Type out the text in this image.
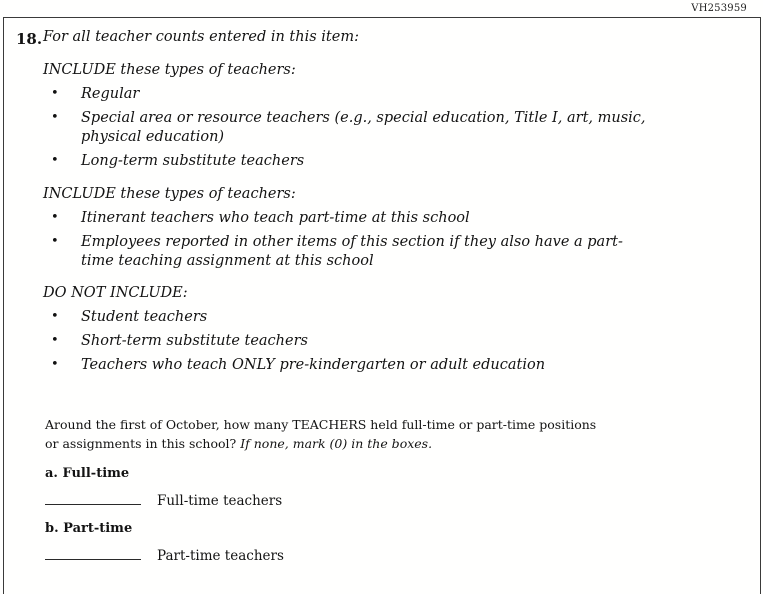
VH253959
18. For all teacher counts entered in this item:

INCLUDE these types of teachers:

•	Regular
•	Special area or resource teachers (e.g., special education, Title I, art, music, physical education)
•	Long-term substitute teachers

INCLUDE these types of teachers:

•	Itinerant teachers who teach part-time at this school
•	Employees reported in other items of this section if they also have a part-time teaching assignment at this school

DO NOT INCLUDE:

•	Student teachers
•	Short-term substitute teachers
•	Teachers who teach ONLY pre-kindergarten or adult education

Around the first of October, how many TEACHERS held full-time or part-time positions or assignments in this school? If none, mark (0) in the boxes.

a. Full-time

Full-time teachers

b. Part-time

Part-time teachers
